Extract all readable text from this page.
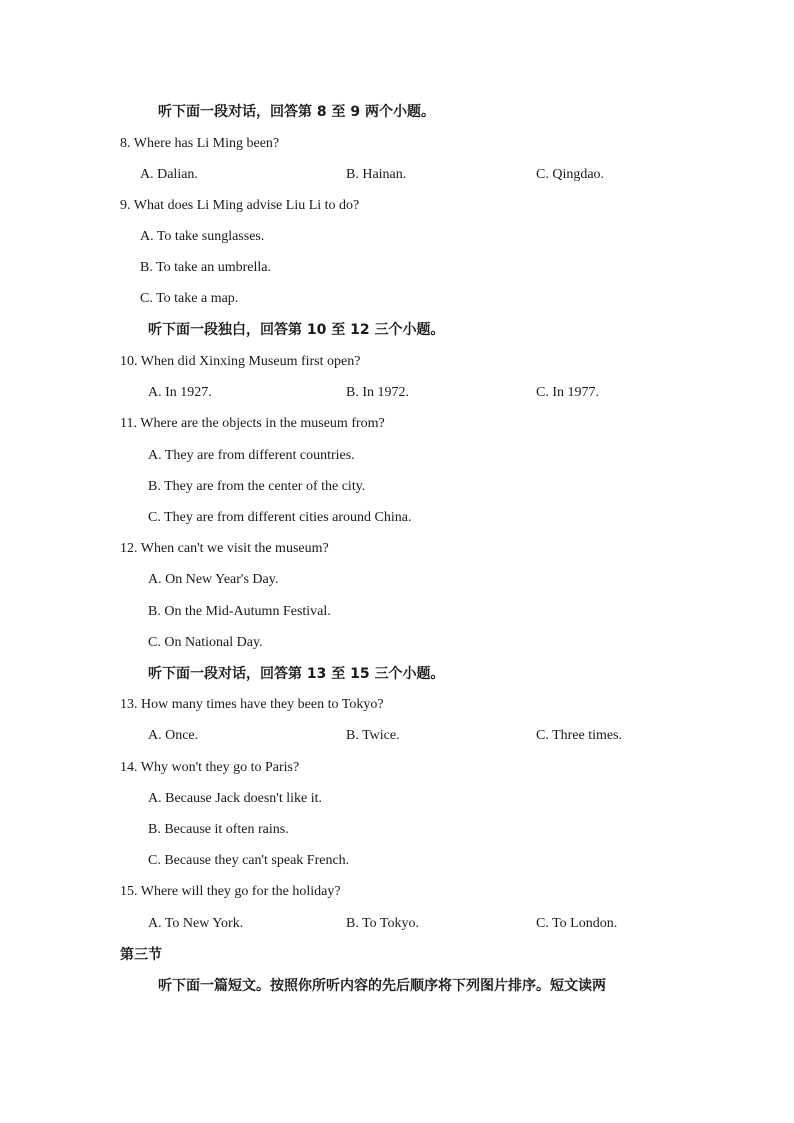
听下面一段对话，回答第 8 至 9 两个小题。
8. Where has Li Ming been?
A. Dalian.	B. Hainan.	C. Qingdao.
9. What does Li Ming advise Liu Li to do?
A. To take sunglasses.
B. To take an umbrella.
C. To take a map.
听下面一段独白，回答第 10 至 12 三个小题。
10. When did Xinxing Museum first open?
A. In 1927.	B. In 1972.	C. In 1977.
11. Where are the objects in the museum from?
A. They are from different countries.
B. They are from the center of the city.
C. They are from different cities around China.
12. When can't we visit the museum?
A. On New Year's Day.
B. On the Mid-Autumn Festival.
C. On National Day.
听下面一段对话，回答第 13 至 15 三个小题。
13. How many times have they been to Tokyo?
A. Once.	B. Twice.	C. Three times.
14. Why won't they go to Paris?
A. Because Jack doesn't like it.
B. Because it often rains.
C. Because they can't speak French.
15. Where will they go for the holiday?
A. To New York.	B. To Tokyo.	C. To London.
第三节
听下面一篇短文。按照你所听内容的先后顺序将下列图片排序。短文读两
